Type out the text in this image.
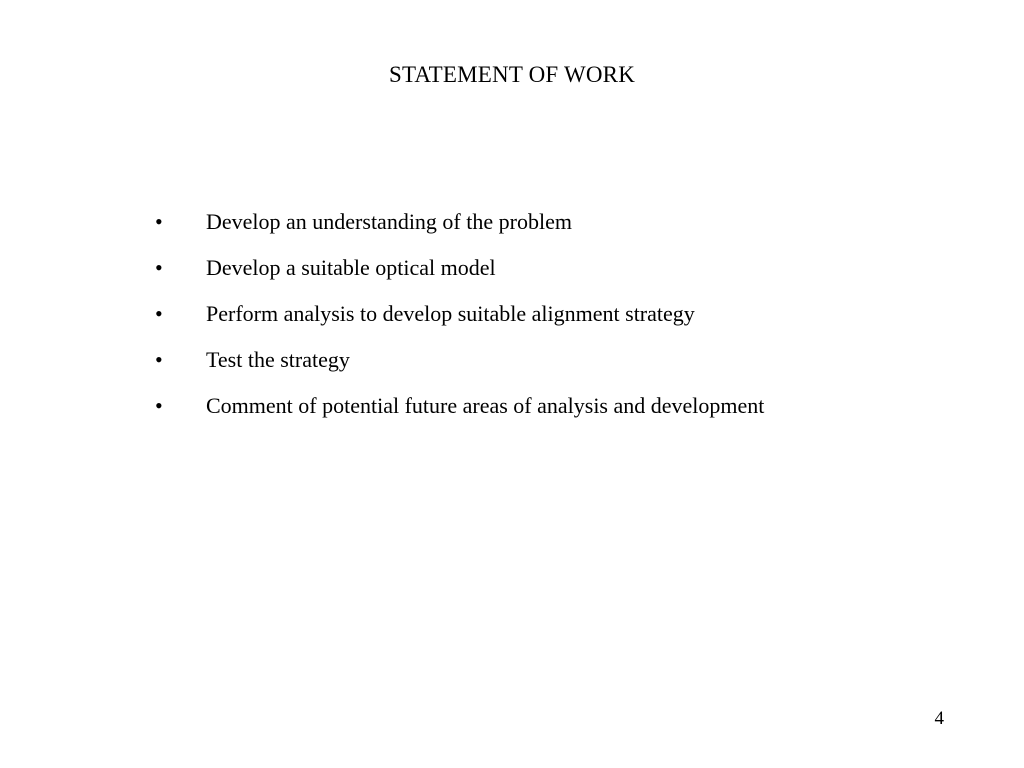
STATEMENT OF WORK
•	Develop an understanding of the problem
•	Develop a suitable optical model
•	Perform analysis to develop suitable alignment strategy
•	Test the strategy
•	Comment of potential future areas of analysis and development
4
